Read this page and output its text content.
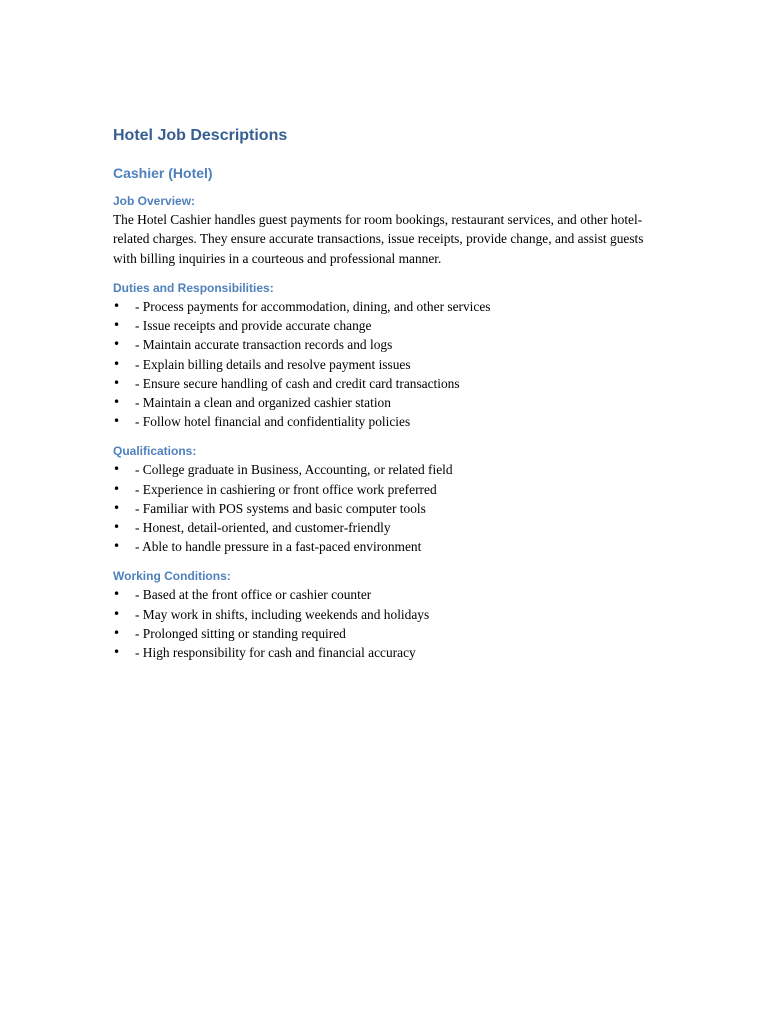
Hotel Job Descriptions
Cashier (Hotel)
Job Overview:

The Hotel Cashier handles guest payments for room bookings, restaurant services, and other hotel-related charges. They ensure accurate transactions, issue receipts, provide change, and assist guests with billing inquiries in a courteous and professional manner.

Duties and Responsibilities:
• - Process payments for accommodation, dining, and other services
• - Issue receipts and provide accurate change
• - Maintain accurate transaction records and logs
• - Explain billing details and resolve payment issues
• - Ensure secure handling of cash and credit card transactions
• - Maintain a clean and organized cashier station
• - Follow hotel financial and confidentiality policies
Qualifications:
• - College graduate in Business, Accounting, or related field
• - Experience in cashiering or front office work preferred
• - Familiar with POS systems and basic computer tools
• - Honest, detail-oriented, and customer-friendly
• - Able to handle pressure in a fast-paced environment
Working Conditions:
• - Based at the front office or cashier counter
• - May work in shifts, including weekends and holidays
• - Prolonged sitting or standing required
• - High responsibility for cash and financial accuracy
